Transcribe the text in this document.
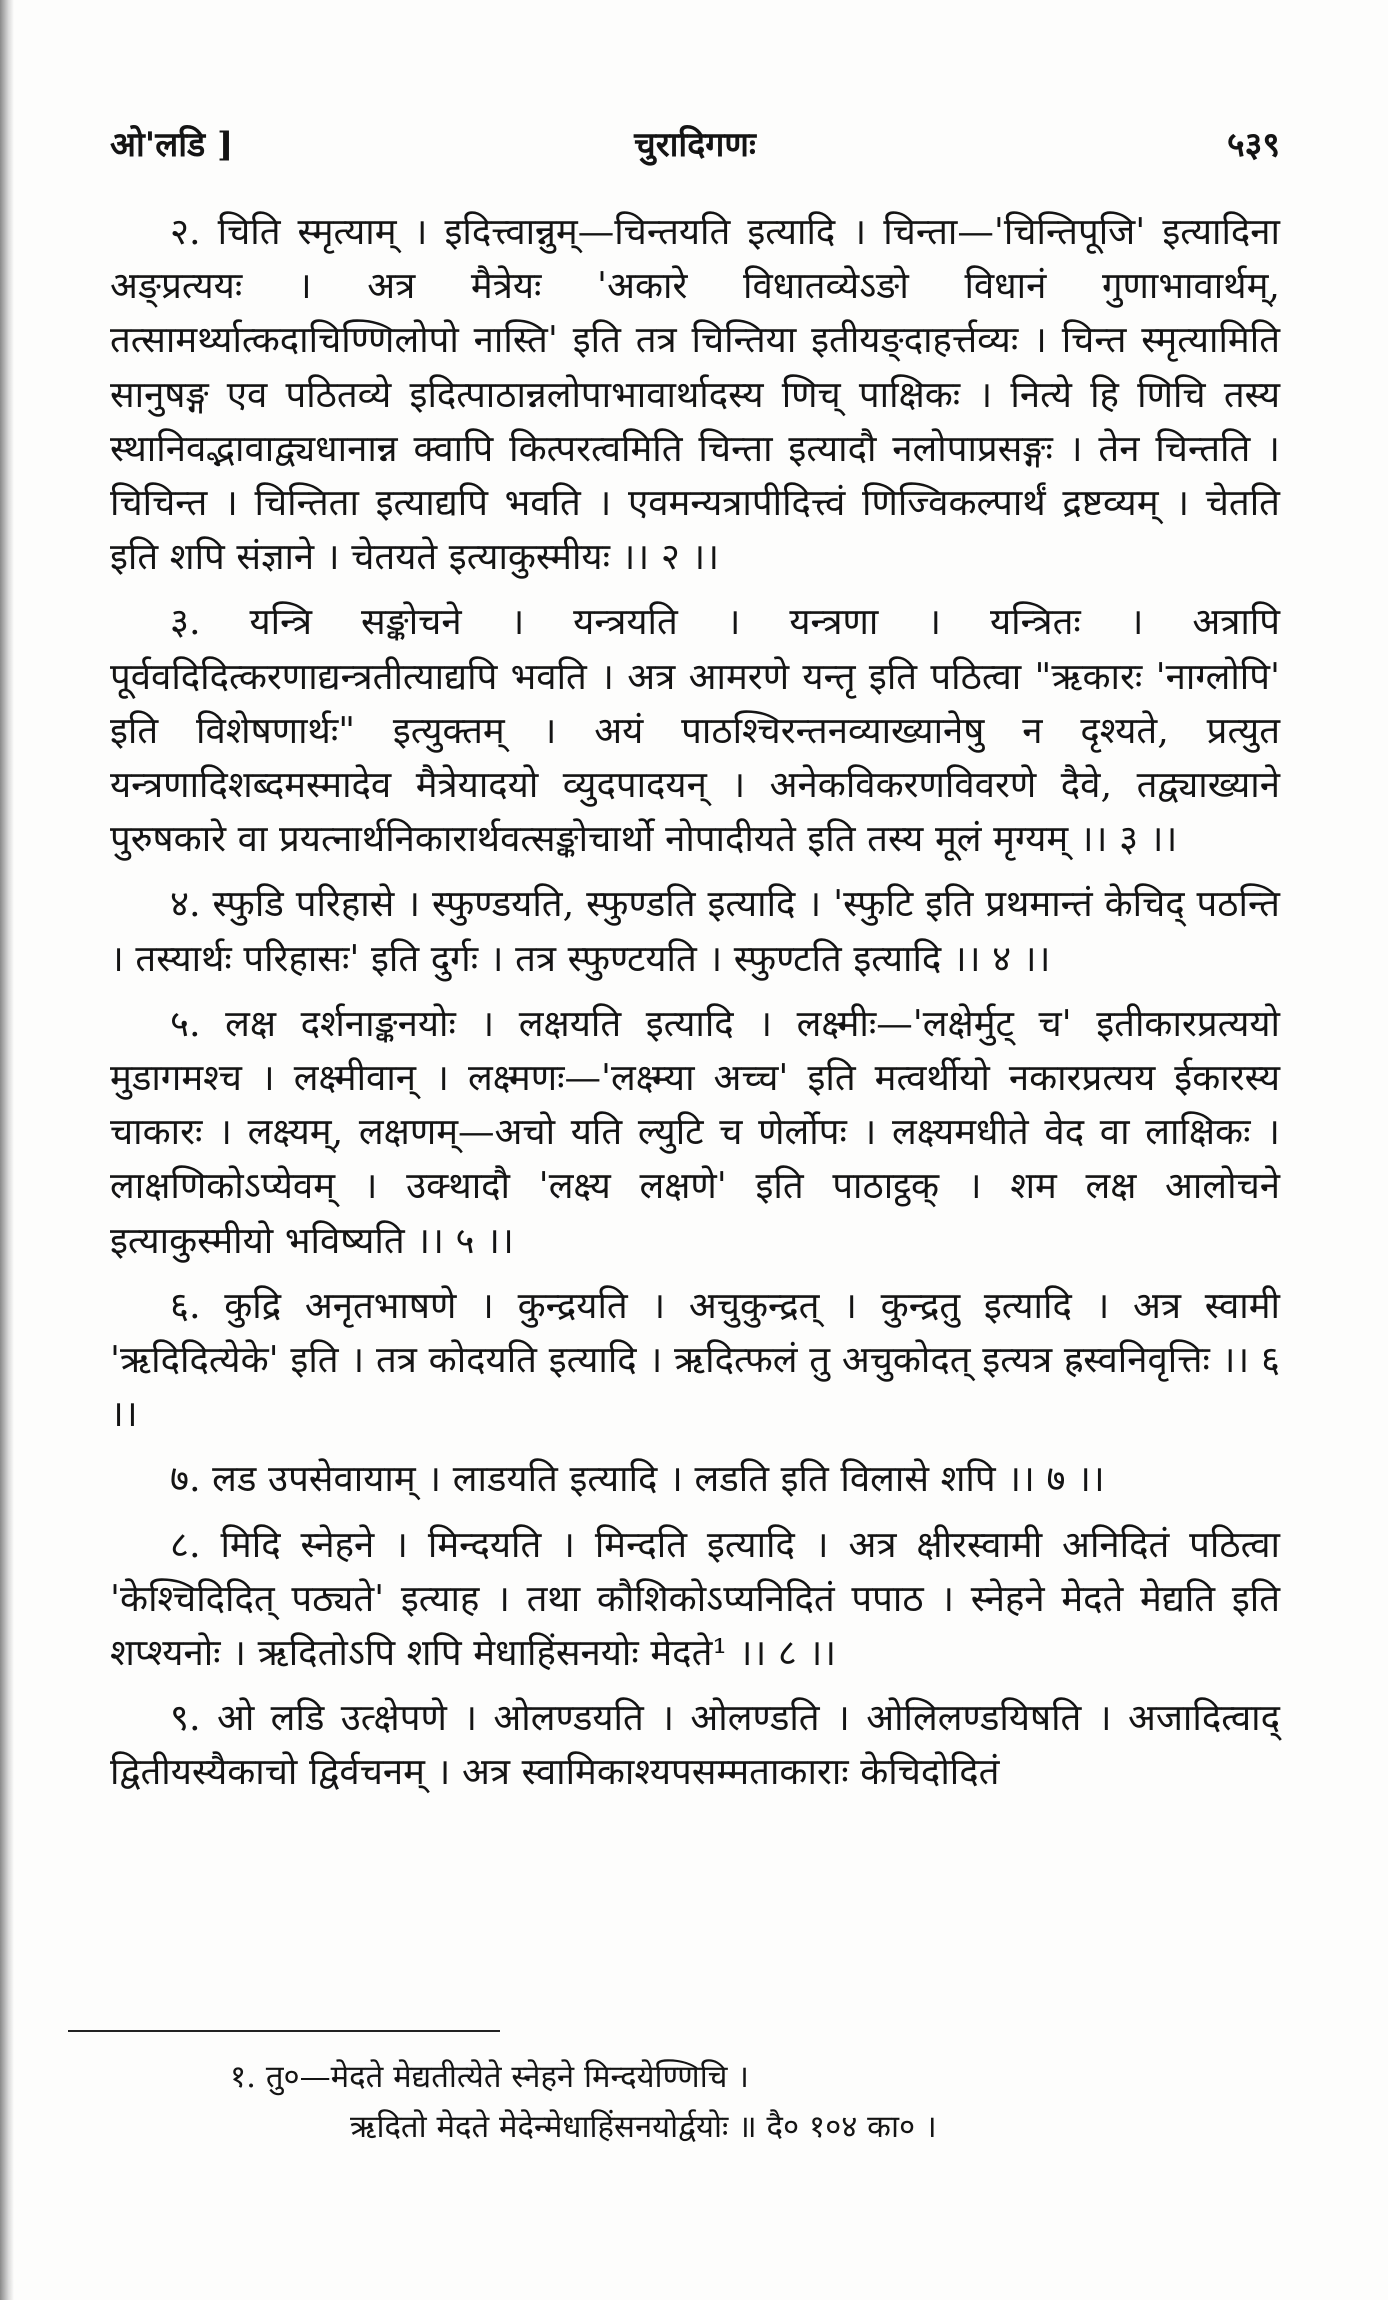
ओ'लडि ]	चुरादिगणः	५३९

२. चिति स्मृत्याम् । इदित्त्वान्नुम्—चिन्तयति इत्यादि । चिन्ता—'चिन्तिपूजि' इत्यादिना अङ्प्रत्ययः । अत्र मैत्रेयः 'अकारे विधातव्येऽङो विधानं गुणाभावार्थम्, तत्सामर्थ्यात्कदाचिण्णिलोपो नास्ति' इति तत्र चिन्तिया इतीयङ्दाहर्त्तव्यः । चिन्त स्मृत्यामिति सानुषङ्ग एव पठितव्ये इदित्पाठान्नलोपाभावार्थादस्य णिच् पाक्षिकः । नित्ये हि णिचि तस्य स्थानिवद्भावाद्व्यधानान्न क्वापि कित्परत्वमिति चिन्ता इत्यादौ नलोपाप्रसङ्गः । तेन चिन्तति । चिचिन्त । चिन्तिता इत्याद्यपि भवति । एवमन्यत्रापीदित्त्वं णिज्विकल्पार्थं द्रष्टव्यम् । चेतति इति शपि संज्ञाने । चेतयते इत्याकुस्मीयः ।। २ ।।

३. यन्त्रि सङ्कोचने । यन्त्रयति । यन्त्रणा । यन्त्रितः । अत्रापि पूर्ववदिदित्करणाद्यन्त्रतीत्याद्यपि भवति । अत्र आमरणे यन्तृ इति पठित्वा "ऋकारः 'नाग्लोपि' इति विशेषणार्थः" इत्युक्तम् । अयं पाठश्चिरन्तनव्याख्यानेषु न दृश्यते, प्रत्युत यन्त्रणादिशब्दमस्मादेव मैत्रेयादयो व्युदपादयन् । अनेकविकरणविवरणे दैवे, तद्व्याख्याने पुरुषकारे वा प्रयत्नार्थनिकारार्थवत्सङ्कोचार्थो नोपादीयते इति तस्य मूलं मृग्यम् ।। ३ ।।

४. स्फुडि परिहासे । स्फुण्डयति, स्फुण्डति इत्यादि । 'स्फुटि इति प्रथमान्तं केचिद् पठन्ति । तस्यार्थः परिहासः' इति दुर्गः । तत्र स्फुण्टयति । स्फुण्टति इत्यादि ।। ४ ।।

५. लक्ष दर्शनाङ्कनयोः । लक्षयति इत्यादि । लक्ष्मीः—'लक्षेर्मुट् च' इतीकारप्रत्ययो मुडागमश्च । लक्ष्मीवान् । लक्ष्मणः—'लक्ष्म्या अच्च' इति मत्वर्थीयो नकारप्रत्यय ईकारस्य चाकारः । लक्ष्यम्, लक्षणम्—अचो यति ल्युटि च णेर्लोपः । लक्ष्यमधीते वेद वा लाक्षिकः । लाक्षणिकोऽप्येवम् । उक्थादौ 'लक्ष्य लक्षणे' इति पाठाट्ठक् । शम लक्ष आलोचने इत्याकुस्मीयो भविष्यति ।। ५ ।।

६. कुद्रि अनृतभाषणे । कुन्द्रयति । अचुकुन्द्रत् । कुन्द्रतु इत्यादि । अत्र स्वामी 'ऋदिदित्येके' इति । तत्र कोदयति इत्यादि । ऋदित्फलं तु अचुकोदत् इत्यत्र ह्रस्वनिवृत्तिः ।। ६ ।।

७. लड उपसेवायाम् । लाडयति इत्यादि । लडति इति विलासे शपि ।। ७ ।।

८. मिदि स्नेहने । मिन्दयति । मिन्दति इत्यादि । अत्र क्षीरस्वामी अनिदितं पठित्वा 'केश्चिदिदित् पठ्यते' इत्याह । तथा कौशिकोऽप्यनिदितं पपाठ । स्नेहने मेदते मेद्यति इति शप्श्यनोः । ऋदितोऽपि शपि मेधाहिंसनयोः मेदते¹ ।। ८ ।।

९. ओ लडि उत्क्षेपणे । ओलण्डयति । ओलण्डति । ओलिलण्डयिषति । अजादित्वाद् द्वितीयस्यैकाचो द्विर्वचनम् । अत्र स्वामिकाश्यपसम्मताकाराः केचिदोदितं

१. तु०—मेदते मेद्यतीत्येते स्नेहने मिन्दयेण्णिचि ।

ऋदितो मेदते मेदेन्मेधाहिंसनयोर्द्वयोः ॥ दै० १०४ का० ।
